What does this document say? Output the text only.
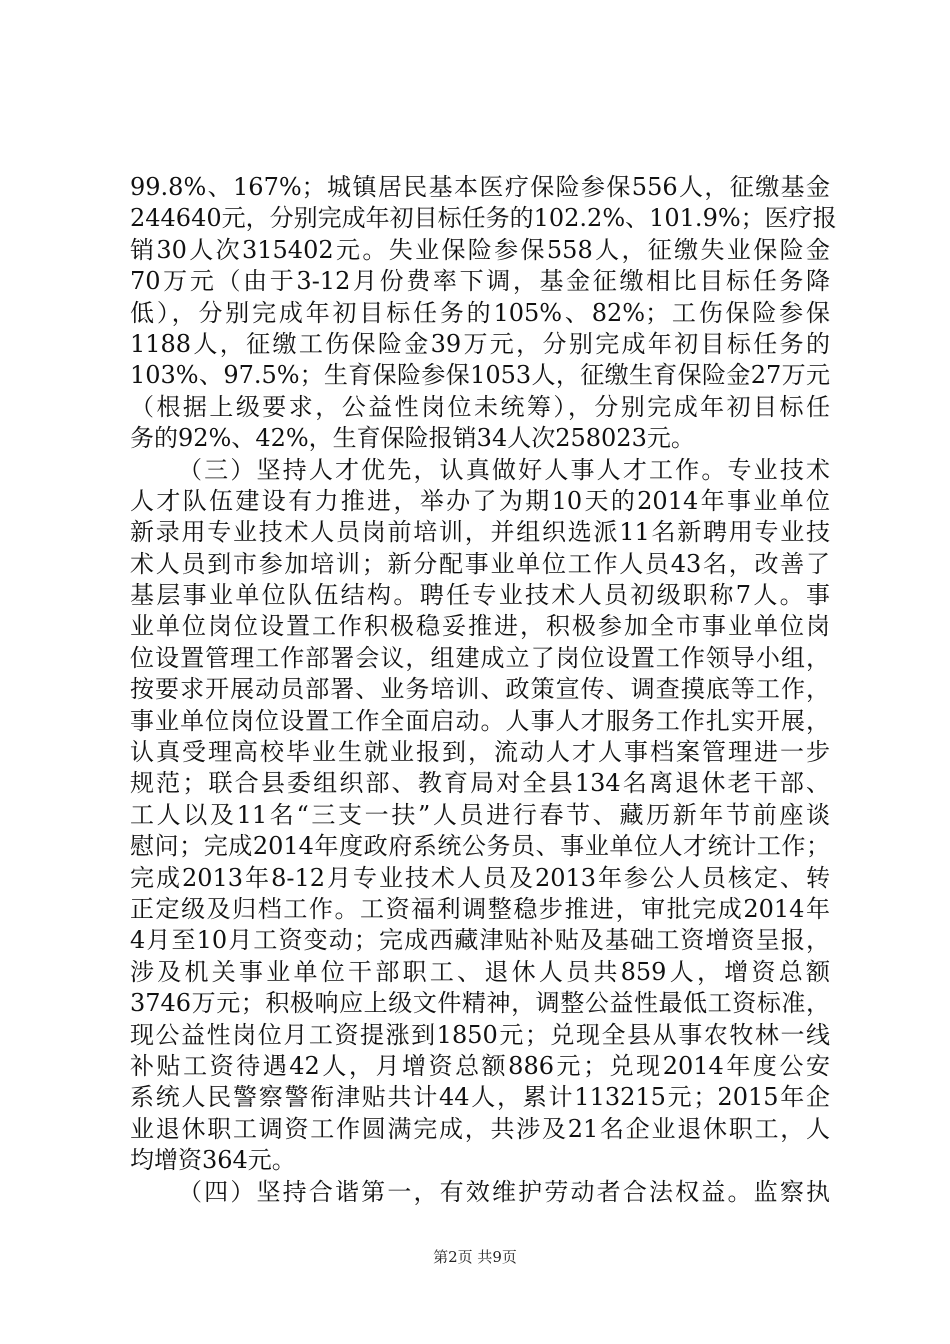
99.8%、167%；城镇居民基本医疗保险参保556人，征缴基金
244640元，分别完成年初目标任务的102.2%、101.9%；医疗报
销30人次315402元。失业保险参保558人，征缴失业保险金
70万元（由于3-12月份费率下调，基金征缴相比目标任务降
低），分别完成年初目标任务的105%、82%；工伤保险参保
1188人，征缴工伤保险金39万元，分别完成年初目标任务的
103%、97.5%；生育保险参保1053人，征缴生育保险金27万元
（根据上级要求，公益性岗位未统筹），分别完成年初目标任
务的92%、42%，生育保险报销34人次258023元。
（三）坚持人才优先，认真做好人事人才工作。专业技术
人才队伍建设有力推进，举办了为期10天的2014年事业单位
新录用专业技术人员岗前培训，并组织选派11名新聘用专业技
术人员到市参加培训；新分配事业单位工作人员43名，改善了
基层事业单位队伍结构。聘任专业技术人员初级职称7人。事
业单位岗位设置工作积极稳妥推进，积极参加全市事业单位岗
位设置管理工作部署会议，组建成立了岗位设置工作领导小组，
按要求开展动员部署、业务培训、政策宣传、调查摸底等工作，
事业单位岗位设置工作全面启动。人事人才服务工作扎实开展，
认真受理高校毕业生就业报到，流动人才人事档案管理进一步
规范；联合县委组织部、教育局对全县134名离退休老干部、
工人以及11名“三支一扶”人员进行春节、藏历新年节前座谈
慰问；完成2014年度政府系统公务员、事业单位人才统计工作；
完成2013年8-12月专业技术人员及2013年参公人员核定、转
正定级及归档工作。工资福利调整稳步推进，审批完成2014年
4月至10月工资变动；完成西藏津贴补贴及基础工资增资呈报，
涉及机关事业单位干部职工、退休人员共859人，增资总额
3746万元；积极响应上级文件精神，调整公益性最低工资标准，
现公益性岗位月工资提涨到1850元；兑现全县从事农牧林一线
补贴工资待遇42人，月增资总额886元；兑现2014年度公安
系统人民警察警衔津贴共计44人，累计113215元；2015年企
业退休职工调资工作圆满完成，共涉及21名企业退休职工，人
均增资364元。
（四）坚持合谐第一，有效维护劳动者合法权益。监察执
第2页 共9页
